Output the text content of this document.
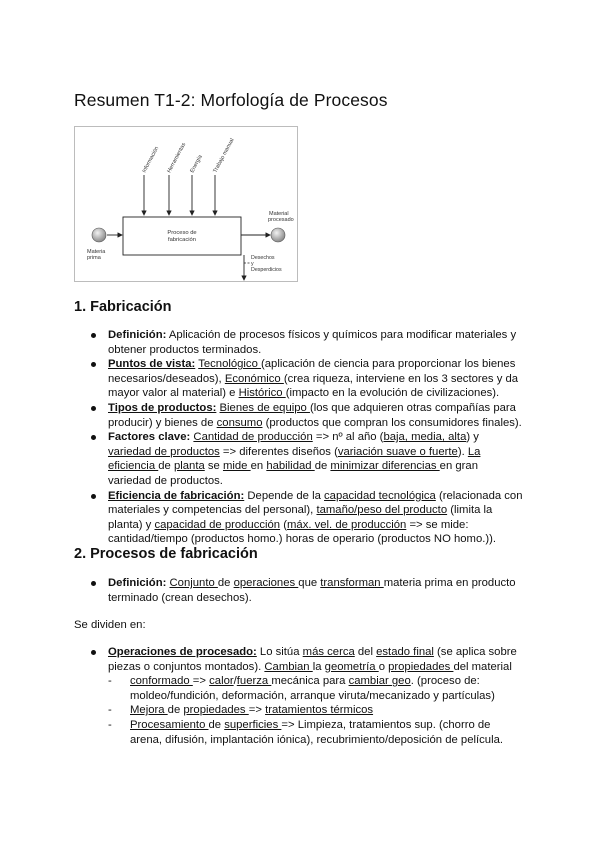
Resumen T1-2: Morfología de Procesos
Información Herramientas Energía Trabajo manual
Proceso de
fabricación
Materia
prima
Material
procesado
Desechos
y
Desperdicios
1. Fabricación
Definición: Aplicación de procesos físicos y químicos para modificar materiales y obtener productos terminados.
Puntos de vista: Tecnológico (aplicación de ciencia para proporcionar los bienes necesarios/deseados), Económico (crea riqueza, interviene en los 3 sectores y da mayor valor al material) e Histórico (impacto en la evolución de civilizaciones).
Tipos de productos: Bienes de equipo (los que adquieren otras compañías para producir) y bienes de consumo (productos que compran los consumidores finales).
Factores clave: Cantidad de producción => nº al año (baja, media, alta) y variedad de productos => diferentes diseños (variación suave o fuerte). La eficiencia de planta se mide en habilidad de minimizar diferencias en gran variedad de productos.
Eficiencia de fabricación: Depende de la capacidad tecnológica (relacionada con materiales y competencias del personal), tamaño/peso del producto (limita la planta) y capacidad de producción (máx. vel. de producción => se mide: cantidad/tiempo (productos homo.) horas de operario (productos NO homo.)).
2. Procesos de fabricación
Definición: Conjunto de operaciones que transforman materia prima en producto terminado (crean desechos).

Se dividen en:

Operaciones de procesado: Lo sitúa más cerca del estado final (se aplica sobre piezas o conjuntos montados). Cambian la geometría o propiedades del material
- conformado => calor/fuerza mecánica para cambiar geo. (proceso de: moldeo/fundición, deformación, arranque viruta/mecanizado y partículas)
- Mejora de propiedades => tratamientos térmicos
- Procesamiento de superficies => Limpieza, tratamientos sup. (chorro de arena, difusión, implantación iónica), recubrimiento/deposición de película.
